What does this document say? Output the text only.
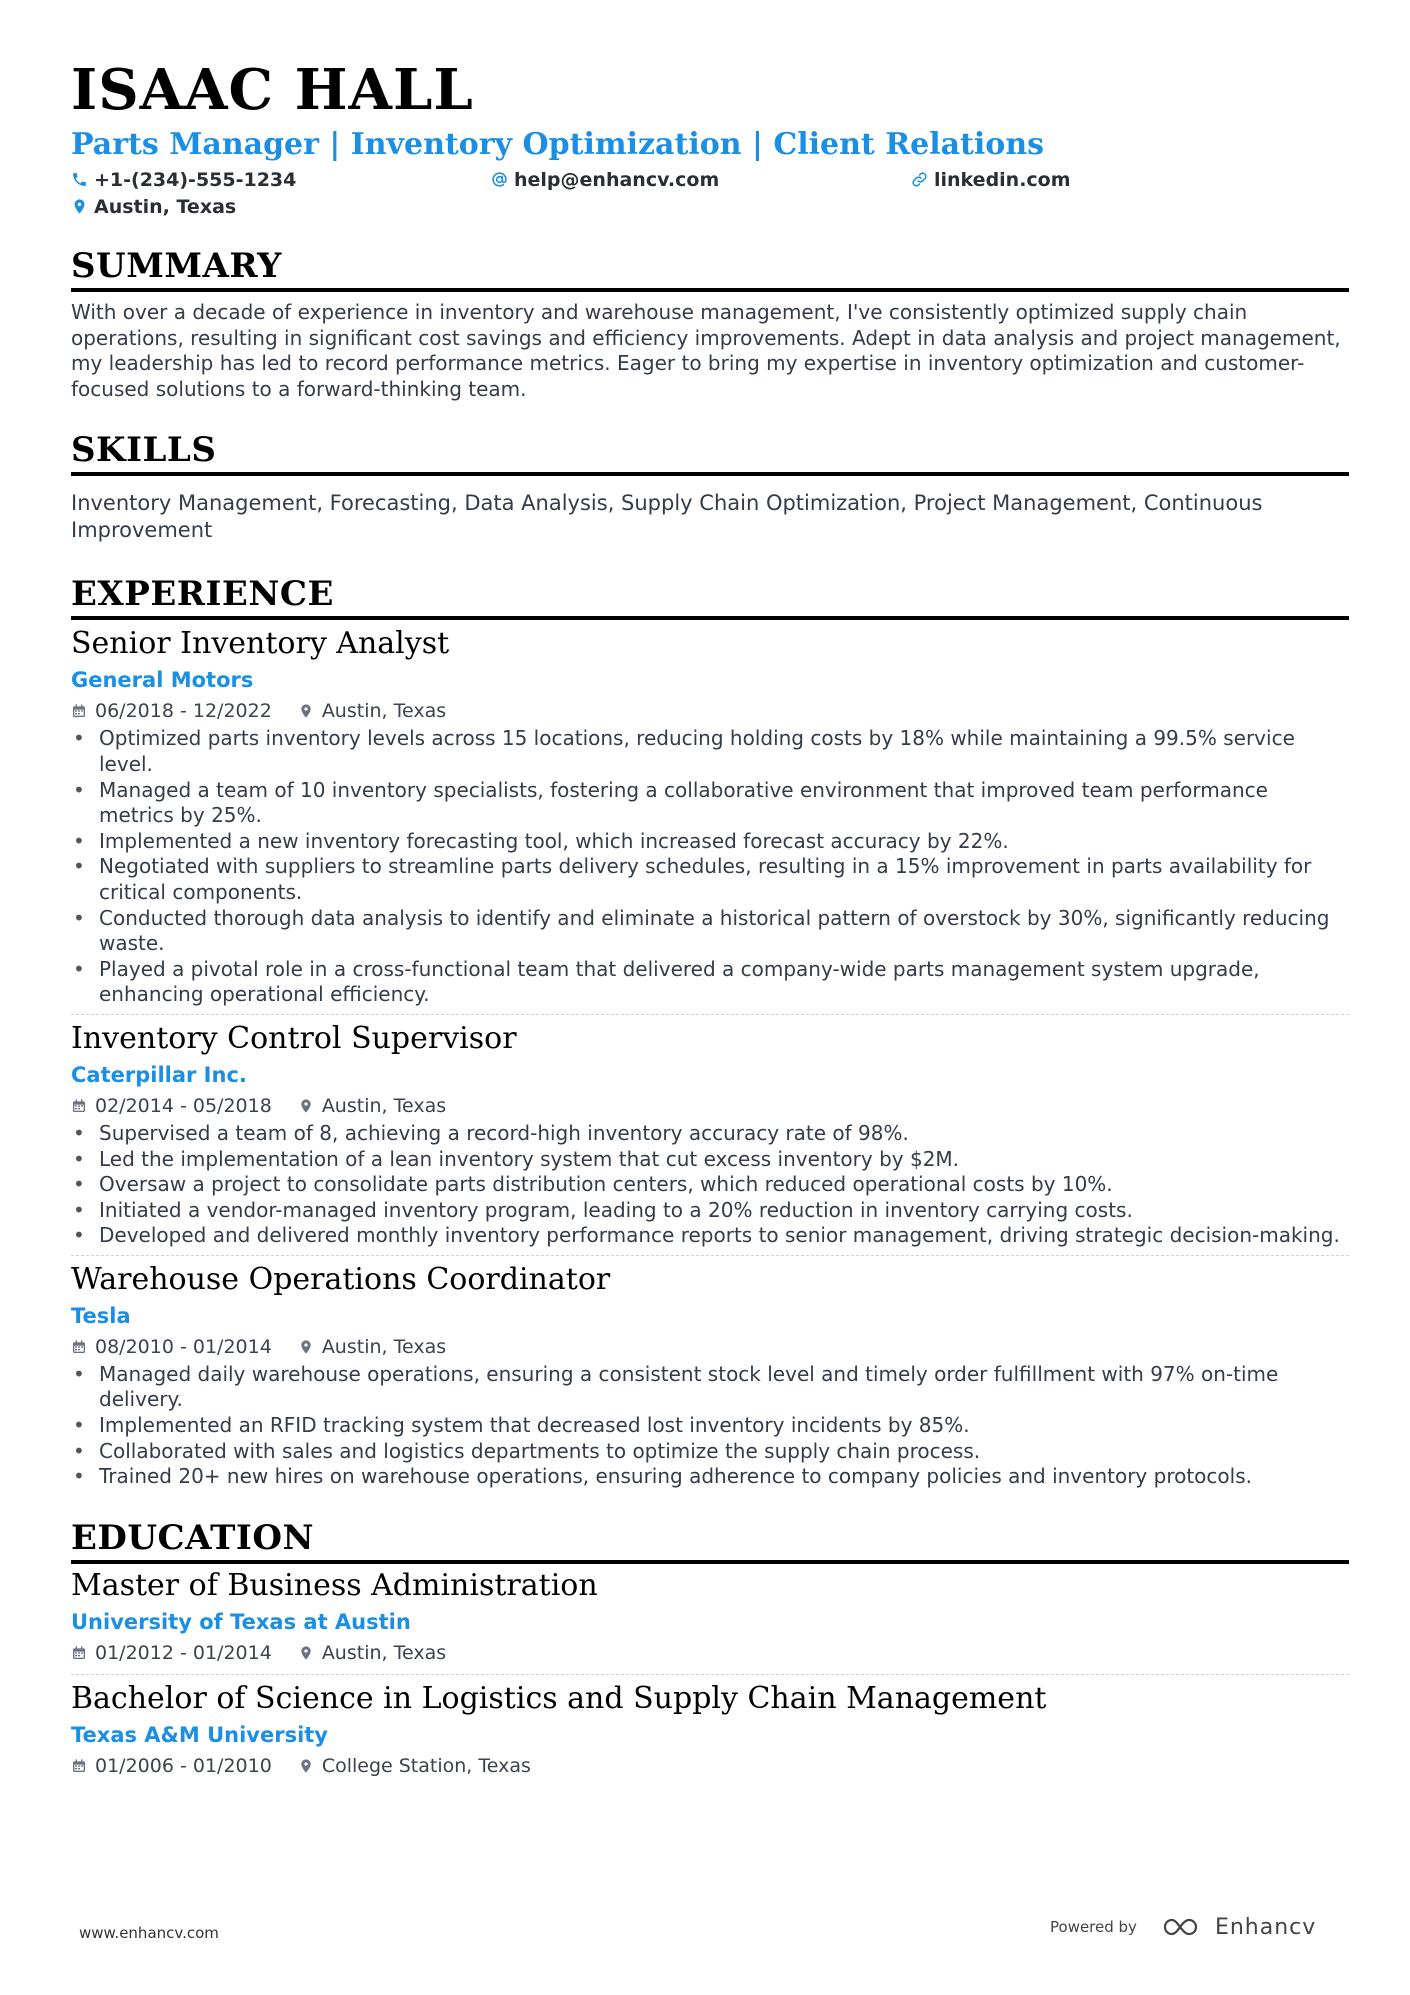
ISAAC HALL
Parts Manager | Inventory Optimization | Client Relations
+1-(234)-555-1234	help@enhancv.com	linkedin.com
Austin, Texas
SUMMARY
With over a decade of experience in inventory and warehouse management, I've consistently optimized supply chain operations, resulting in significant cost savings and efficiency improvements. Adept in data analysis and project management, my leadership has led to record performance metrics. Eager to bring my expertise in inventory optimization and customer-focused solutions to a forward-thinking team.
SKILLS
Inventory Management, Forecasting, Data Analysis, Supply Chain Optimization, Project Management, Continuous Improvement
EXPERIENCE
Senior Inventory Analyst
General Motors
06/2018 - 12/2022	Austin, Texas
• Optimized parts inventory levels across 15 locations, reducing holding costs by 18% while maintaining a 99.5% service level.
• Managed a team of 10 inventory specialists, fostering a collaborative environment that improved team performance metrics by 25%.
• Implemented a new inventory forecasting tool, which increased forecast accuracy by 22%.
• Negotiated with suppliers to streamline parts delivery schedules, resulting in a 15% improvement in parts availability for critical components.
• Conducted thorough data analysis to identify and eliminate a historical pattern of overstock by 30%, significantly reducing waste.
• Played a pivotal role in a cross-functional team that delivered a company-wide parts management system upgrade, enhancing operational efficiency.
Inventory Control Supervisor
Caterpillar Inc.
02/2014 - 05/2018	Austin, Texas
• Supervised a team of 8, achieving a record-high inventory accuracy rate of 98%.
• Led the implementation of a lean inventory system that cut excess inventory by $2M.
• Oversaw a project to consolidate parts distribution centers, which reduced operational costs by 10%.
• Initiated a vendor-managed inventory program, leading to a 20% reduction in inventory carrying costs.
• Developed and delivered monthly inventory performance reports to senior management, driving strategic decision-making.
Warehouse Operations Coordinator
Tesla
08/2010 - 01/2014	Austin, Texas
• Managed daily warehouse operations, ensuring a consistent stock level and timely order fulfillment with 97% on-time delivery.
• Implemented an RFID tracking system that decreased lost inventory incidents by 85%.
• Collaborated with sales and logistics departments to optimize the supply chain process.
• Trained 20+ new hires on warehouse operations, ensuring adherence to company policies and inventory protocols.
EDUCATION
Master of Business Administration
University of Texas at Austin
01/2012 - 01/2014	Austin, Texas
Bachelor of Science in Logistics and Supply Chain Management
Texas A&M University
01/2006 - 01/2010	College Station, Texas
www.enhancv.com	Powered by	Enhancv
